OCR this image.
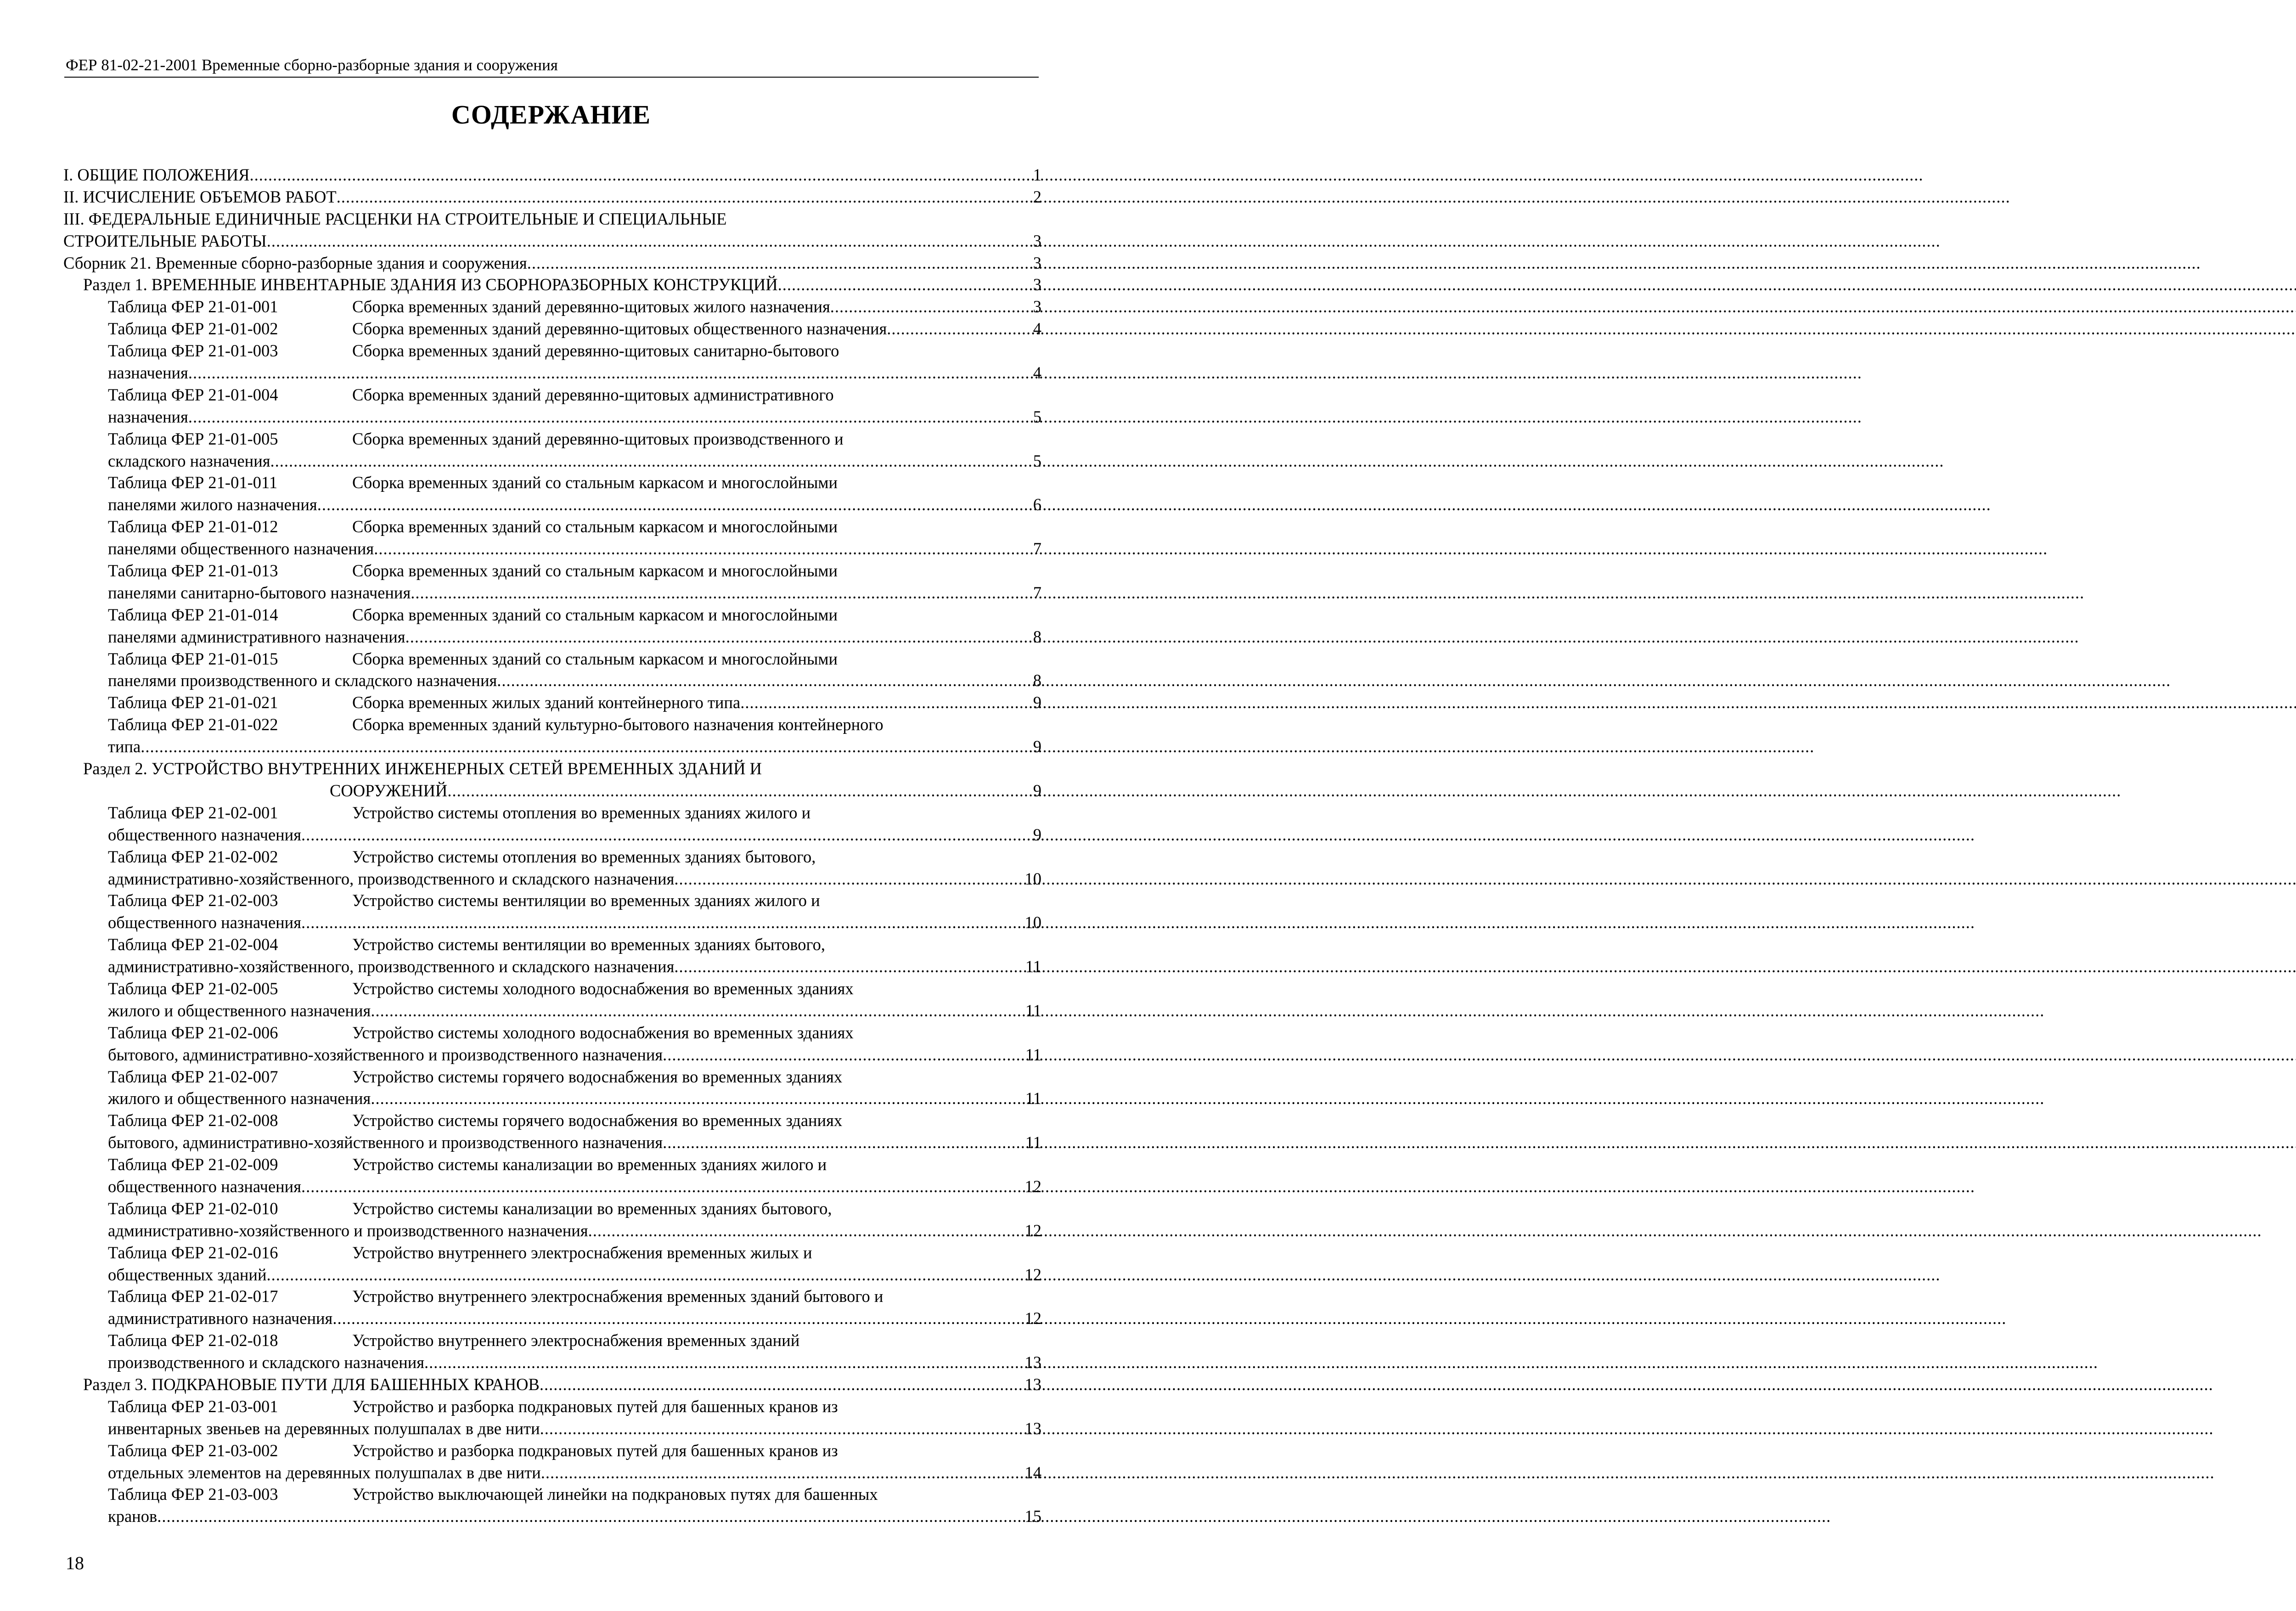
ФЕР 81-02-21-2001 Временные сборно-разборные здания и сооружения
СОДЕРЖАНИЕ
I. ОБЩИЕ ПОЛОЖЕНИЯ .....	1
II. ИСЧИСЛЕНИЕ ОБЪЕМОВ РАБОТ .....	2
III. ФЕДЕРАЛЬНЫЕ ЕДИНИЧНЫЕ РАСЦЕНКИ НА СТРОИТЕЛЬНЫЕ И СПЕЦИАЛЬНЫЕ
СТРОИТЕЛЬНЫЕ РАБОТЫ .....	3
Сборник 21. Временные сборно-разборные здания и сооружения .....	3
Раздел 1. ВРЕМЕННЫЕ ИНВЕНТАРНЫЕ ЗДАНИЯ ИЗ СБОРНОРАЗБОРНЫХ КОНСТРУКЦИЙ .....	3
Таблица ФЕР 21-01-001	Сборка временных зданий деревянно-щитовых жилого назначения .....	3
Таблица ФЕР 21-01-002	Сборка временных зданий деревянно-щитовых общественного назначения .....	4
Таблица ФЕР 21-01-003	Сборка временных зданий деревянно-щитовых санитарно-бытового
назначения .....	4
Таблица ФЕР 21-01-004	Сборка временных зданий деревянно-щитовых административного
назначения .....	5
Таблица ФЕР 21-01-005	Сборка временных зданий деревянно-щитовых производственного и
складского назначения .....	5
Таблица ФЕР 21-01-011	Сборка временных зданий со стальным каркасом и многослойными
панелями жилого назначения .....	6
Таблица ФЕР 21-01-012	Сборка временных зданий со стальным каркасом и многослойными
панелями общественного назначения .....	7
Таблица ФЕР 21-01-013	Сборка временных зданий со стальным каркасом и многослойными
панелями санитарно-бытового назначения .....	7
Таблица ФЕР 21-01-014	Сборка временных зданий со стальным каркасом и многослойными
панелями административного назначения .....	8
Таблица ФЕР 21-01-015	Сборка временных зданий со стальным каркасом и многослойными
панелями производственного и складского назначения .....	8
Таблица ФЕР 21-01-021	Сборка временных жилых зданий контейнерного типа .....	9
Таблица ФЕР 21-01-022	Сборка временных зданий культурно-бытового назначения контейнерного
типа .....	9
Раздел 2. УСТРОЙСТВО ВНУТРЕННИХ ИНЖЕНЕРНЫХ СЕТЕЙ ВРЕМЕННЫХ ЗДАНИЙ И
СООРУЖЕНИЙ .....	9
Таблица ФЕР 21-02-001	Устройство системы отопления во временных зданиях жилого и
общественного назначения .....	9
Таблица ФЕР 21-02-002	Устройство системы отопления во временных зданиях бытового,
административно-хозяйственного, производственного и складского назначения .....	10
Таблица ФЕР 21-02-003	Устройство системы вентиляции во временных зданиях жилого и
общественного назначения .....	10
Таблица ФЕР 21-02-004	Устройство системы вентиляции во временных зданиях бытового,
административно-хозяйственного, производственного и складского назначения .....	11
Таблица ФЕР 21-02-005	Устройство системы холодного водоснабжения во временных зданиях
жилого и общественного назначения .....	11
Таблица ФЕР 21-02-006	Устройство системы холодного водоснабжения во временных зданиях
бытового, административно-хозяйственного и производственного назначения .....	11
Таблица ФЕР 21-02-007	Устройство системы горячего водоснабжения во временных зданиях
жилого и общественного назначения .....	11
Таблица ФЕР 21-02-008	Устройство системы горячего водоснабжения во временных зданиях
бытового, административно-хозяйственного и производственного назначения .....	11
Таблица ФЕР 21-02-009	Устройство системы канализации во временных зданиях жилого и
общественного назначения .....	12
Таблица ФЕР 21-02-010	Устройство системы канализации во временных зданиях бытового,
административно-хозяйственного и производственного назначения .....	12
Таблица ФЕР 21-02-016	Устройство внутреннего электроснабжения временных жилых и
общественных зданий .....	12
Таблица ФЕР 21-02-017	Устройство внутреннего электроснабжения временных зданий бытового и
административного назначения .....	12
Таблица ФЕР 21-02-018	Устройство внутреннего электроснабжения временных зданий
производственного и складского назначения .....	13
Раздел 3. ПОДКРАНОВЫЕ ПУТИ ДЛЯ БАШЕННЫХ КРАНОВ .....	13
Таблица ФЕР 21-03-001	Устройство и разборка подкрановых путей для башенных кранов из
инвентарных звеньев на деревянных полушпалах в две нити .....	13
Таблица ФЕР 21-03-002	Устройство и разборка подкрановых путей для башенных кранов из
отдельных элементов на деревянных полушпалах в две нити .....	14
Таблица ФЕР 21-03-003	Устройство выключающей линейки на подкрановых путях для башенных
кранов .....	15
18
